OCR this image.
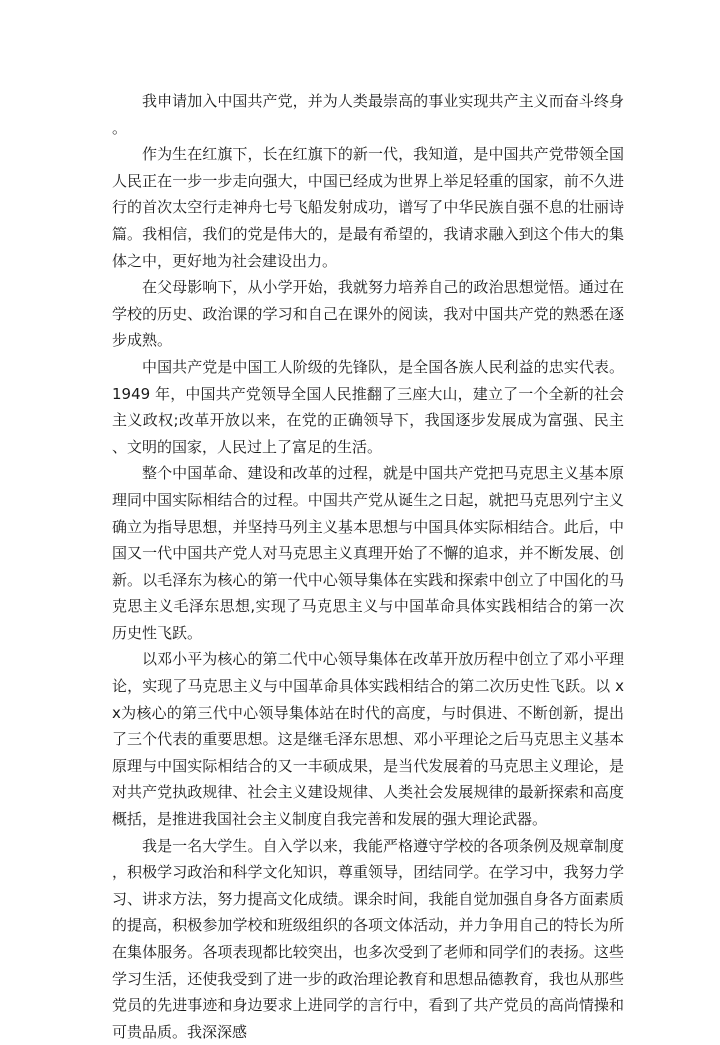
我申请加入中国共产党，并为人类最崇高的事业实现共产主义而奋斗终身。

作为生在红旗下，长在红旗下的新一代，我知道，是中国共产党带领全国人民正在一步一步走向强大，中国已经成为世界上举足轻重的国家，前不久进行的首次太空行走神舟七号飞船发射成功，谱写了中华民族自强不息的壮丽诗篇。我相信，我们的党是伟大的，是最有希望的，我请求融入到这个伟大的集体之中，更好地为社会建设出力。

在父母影响下，从小学开始，我就努力培养自己的政治思想觉悟。通过在学校的历史、政治课的学习和自己在课外的阅读，我对中国共产党的熟悉在逐步成熟。

中国共产党是中国工人阶级的先锋队，是全国各族人民利益的忠实代表。1949 年，中国共产党领导全国人民推翻了三座大山，建立了一个全新的社会主义政权;改革开放以来，在党的正确领导下，我国逐步发展成为富强、民主、文明的国家，人民过上了富足的生活。

整个中国革命、建设和改革的过程，就是中国共产党把马克思主义基本原理同中国实际相结合的过程。中国共产党从诞生之日起，就把马克思列宁主义确立为指导思想，并坚持马列主义基本思想与中国具体实际相结合。此后，中国又一代中国共产党人对马克思主义真理开始了不懈的追求，并不断发展、创新。以毛泽东为核心的第一代中心领导集体在实践和探索中创立了中国化的马克思主义毛泽东思想,实现了马克思主义与中国革命具体实践相结合的第一次历史性飞跃。

以邓小平为核心的第二代中心领导集体在改革开放历程中创立了邓小平理论，实现了马克思主义与中国革命具体实践相结合的第二次历史性飞跃。以 xx为核心的第三代中心领导集体站在时代的高度，与时俱进、不断创新，提出了三个代表的重要思想。这是继毛泽东思想、邓小平理论之后马克思主义基本原理与中国实际相结合的又一丰硕成果，是当代发展着的马克思主义理论，是对共产党执政规律、社会主义建设规律、人类社会发展规律的最新探索和高度概括，是推进我国社会主义制度自我完善和发展的强大理论武器。

我是一名大学生。自入学以来，我能严格遵守学校的各项条例及规章制度，积极学习政治和科学文化知识，尊重领导，团结同学。在学习中，我努力学习、讲求方法，努力提高文化成绩。课余时间，我能自觉加强自身各方面素质的提高，积极参加学校和班级组织的各项文体活动，并力争用自己的特长为所在集体服务。各项表现都比较突出，也多次受到了老师和同学们的表扬。这些学习生活，还使我受到了进一步的政治理论教育和思想品德教育，我也从那些党员的先进事迹和身边要求上进同学的言行中，看到了共产党员的高尚情操和可贵品质。我深深感
